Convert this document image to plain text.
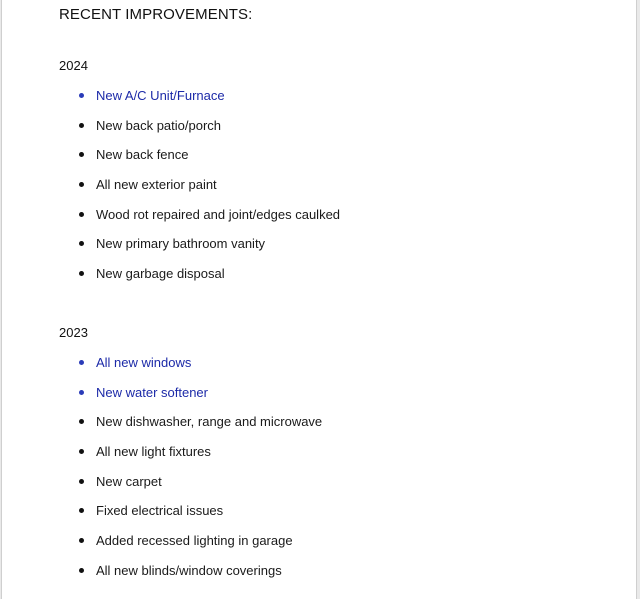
RECENT IMPROVEMENTS:
2024
New A/C Unit/Furnace
New back patio/porch
New back fence
All new exterior paint
Wood rot repaired and joint/edges caulked
New primary bathroom vanity
New garbage disposal
2023
All new windows
New water softener
New dishwasher, range and microwave
All new light fixtures
New carpet
Fixed electrical issues
Added recessed lighting in garage
All new blinds/window coverings
